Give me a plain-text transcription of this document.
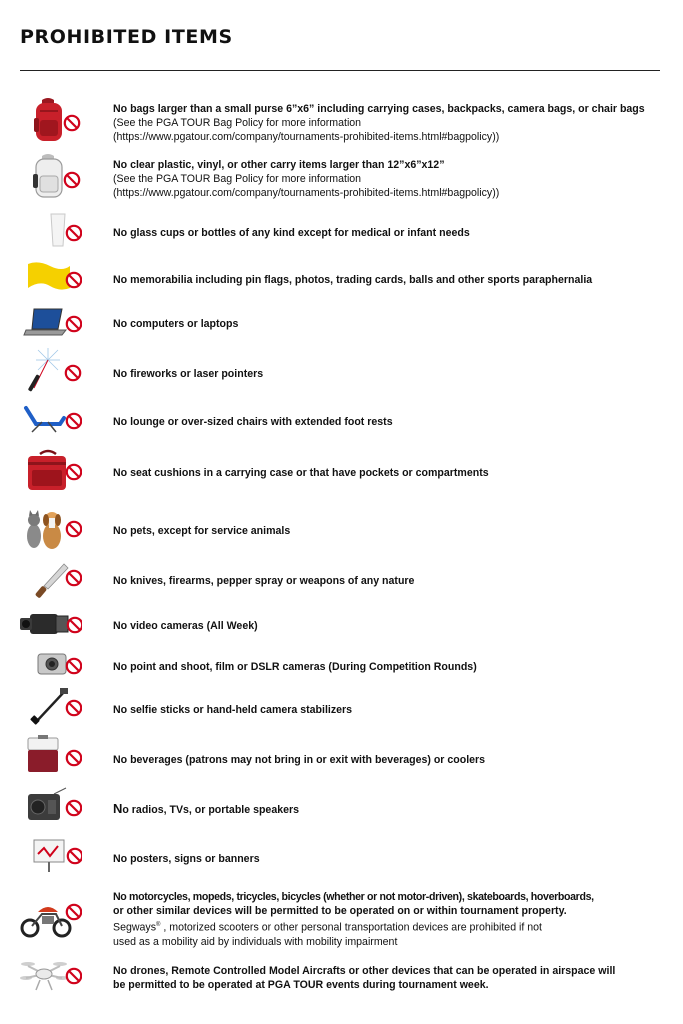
PROHIBITED ITEMS
No bags larger than a small purse 6”x6” including carrying cases, backpacks, camera bags, or chair bags
(See the PGA TOUR Bag Policy for more information
(https://www.pgatour.com/company/tournaments-prohibited-items.html#bagpolicy))
No clear plastic, vinyl, or other carry items larger than 12”x6”x12”
(See the PGA TOUR Bag Policy for more information
(https://www.pgatour.com/company/tournaments-prohibited-items.html#bagpolicy))
No glass cups or bottles of any kind except for medical or infant needs
No memorabilia including pin flags, photos, trading cards, balls and other sports paraphernalia
No computers or laptops
No fireworks or laser pointers
No lounge or over-sized chairs with extended foot rests
No seat cushions in a carrying case or that have pockets or compartments
No pets, except for service animals
No knives, firearms, pepper spray or weapons of any nature
No video cameras (All Week)
No point and shoot, film or DSLR cameras (During Competition Rounds)
No selfie sticks or hand-held camera stabilizers
No beverages (patrons may not bring in or exit with beverages) or coolers
No radios, TVs, or portable speakers
No posters, signs or banners
No motorcycles, mopeds, tricycles, bicycles (whether or not motor-driven), skateboards, hoverboards,
or other similar devices will be permitted to be operated on or within tournament property.
Segways® , motorized scooters or other personal transportation devices are prohibited if not
used as a mobility aid by individuals with mobility impairment
No drones, Remote Controlled Model Aircrafts or other devices that can be operated in airspace will
be permitted to be operated at PGA TOUR events during tournament week.
